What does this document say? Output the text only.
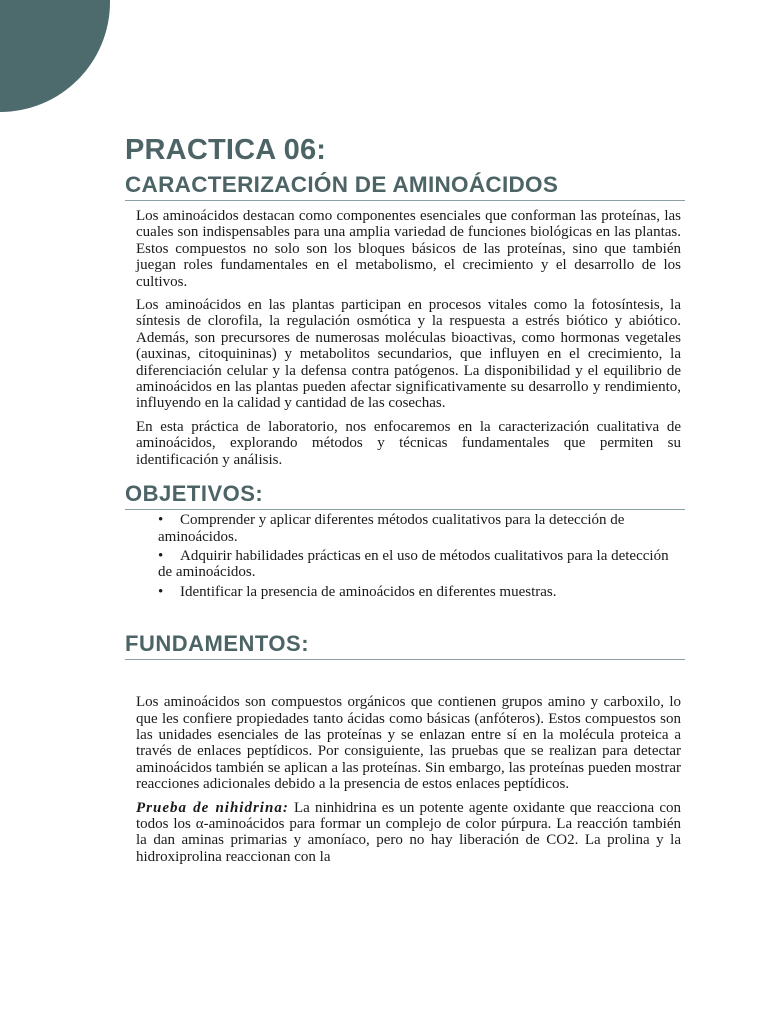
PRACTICA 06:
CARACTERIZACIÓN DE AMINOÁCIDOS

Los aminoácidos destacan como componentes esenciales que conforman las proteínas, las cuales son indispensables para una amplia variedad de funciones biológicas en las plantas. Estos compuestos no solo son los bloques básicos de las proteínas, sino que también juegan roles fundamentales en el metabolismo, el crecimiento y el desarrollo de los cultivos.

Los aminoácidos en las plantas participan en procesos vitales como la fotosíntesis, la síntesis de clorofila, la regulación osmótica y la respuesta a estrés biótico y abiótico. Además, son precursores de numerosas moléculas bioactivas, como hormonas vegetales (auxinas, citoquininas) y metabolitos secundarios, que influyen en el crecimiento, la diferenciación celular y la defensa contra patógenos. La disponibilidad y el equilibrio de aminoácidos en las plantas pueden afectar significativamente su desarrollo y rendimiento, influyendo en la calidad y cantidad de las cosechas.

En esta práctica de laboratorio, nos enfocaremos en la caracterización cualitativa de aminoácidos, explorando métodos y técnicas fundamentales que permiten su identificación y análisis.

OBJETIVOS:
• Comprender y aplicar diferentes métodos cualitativos para la detección de aminoácidos.
• Adquirir habilidades prácticas en el uso de métodos cualitativos para la detección de aminoácidos.
• Identificar la presencia de aminoácidos en diferentes muestras.
FUNDAMENTOS:

Los aminoácidos son compuestos orgánicos que contienen grupos amino y carboxilo, lo que les confiere propiedades tanto ácidas como básicas (anfóteros). Estos compuestos son las unidades esenciales de las proteínas y se enlazan entre sí en la molécula proteica a través de enlaces peptídicos. Por consiguiente, las pruebas que se realizan para detectar aminoácidos también se aplican a las proteínas. Sin embargo, las proteínas pueden mostrar reacciones adicionales debido a la presencia de estos enlaces peptídicos.

Prueba de nihidrina: La ninhidrina es un potente agente oxidante que reacciona con todos los α-aminoácidos para formar un complejo de color púrpura. La reacción también la dan aminas primarias y amoníaco, pero no hay liberación de CO2. La prolina y la hidroxiprolina reaccionan con la
